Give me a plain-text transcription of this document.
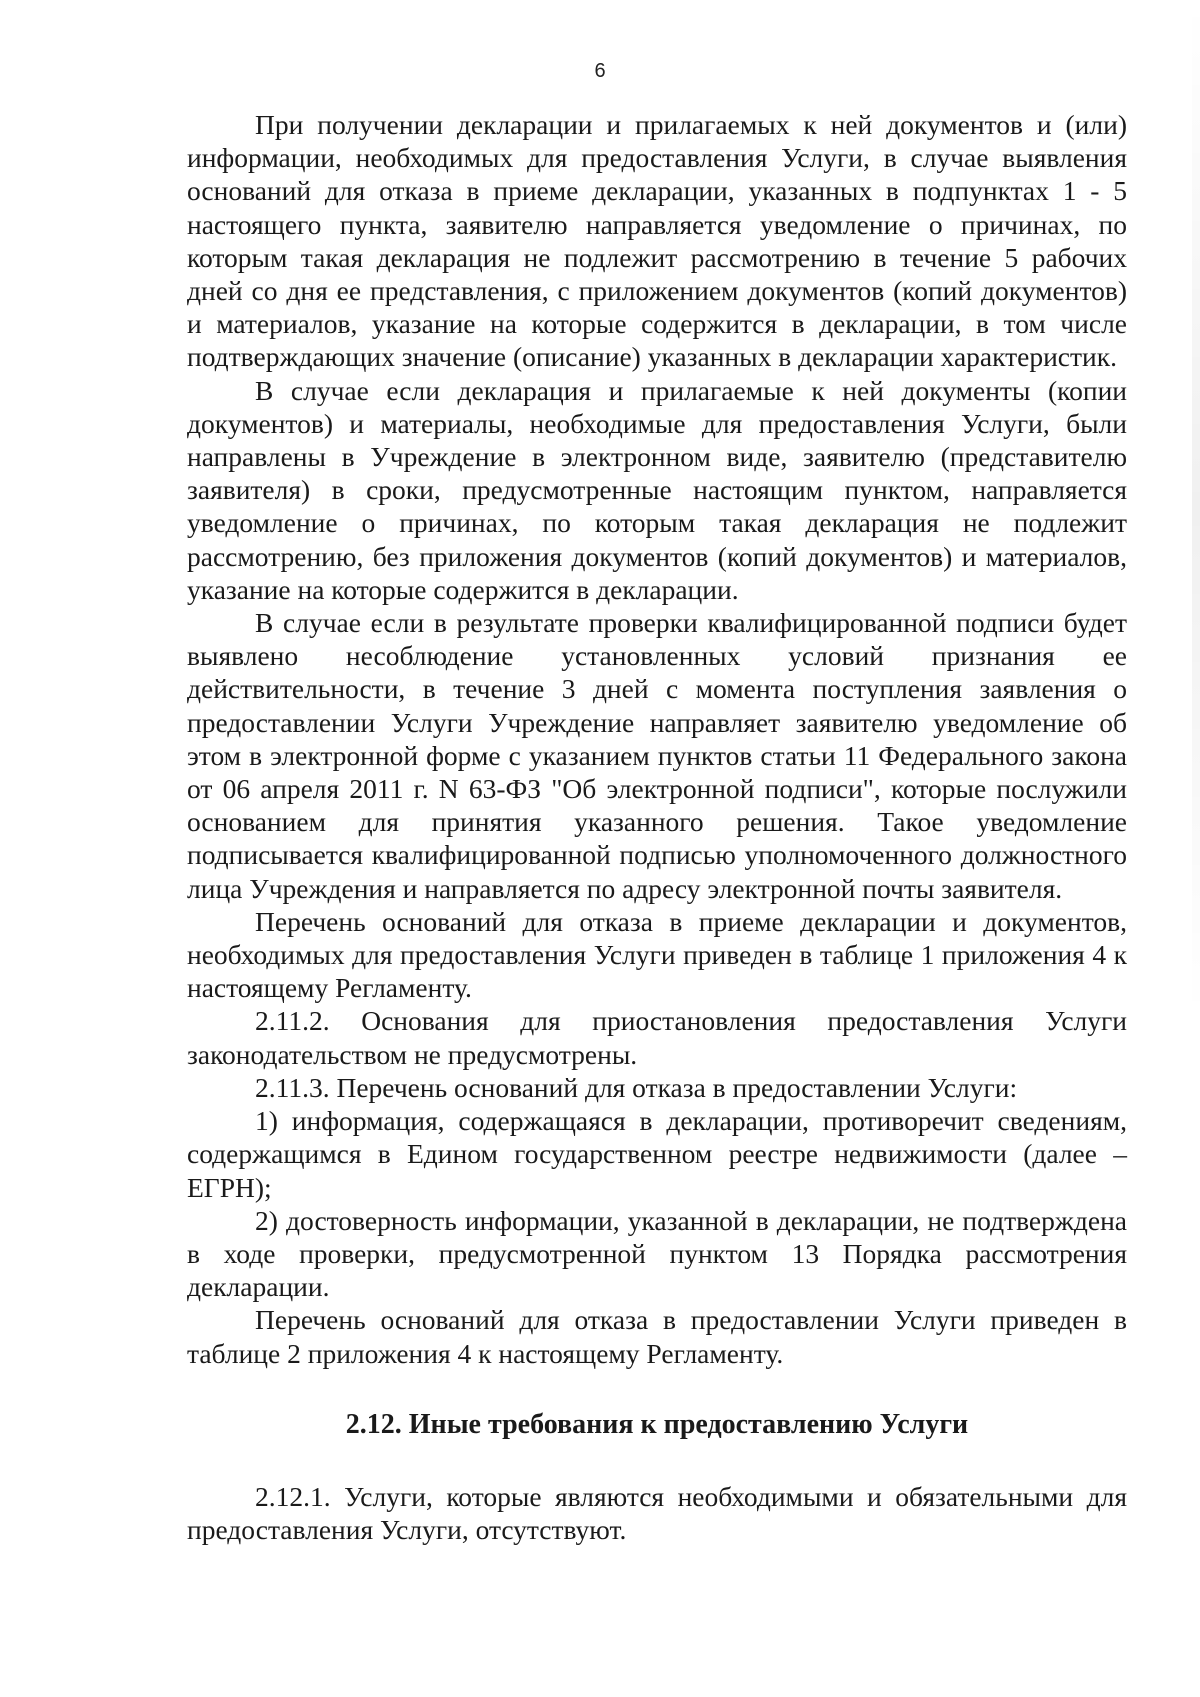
6

При получении декларации и прилагаемых к ней документов и (или) информации, необходимых для предоставления Услуги, в случае выявления оснований для отказа в приеме декларации, указанных в подпунктах 1 - 5 настоящего пункта, заявителю направляется уведомление о причинах, по которым такая декларация не подлежит рассмотрению в течение 5 рабочих дней со дня ее представления, с приложением документов (копий документов) и материалов, указание на которые содержится в декларации, в том числе подтверждающих значение (описание) указанных в декларации характеристик.

В случае если декларация и прилагаемые к ней документы (копии документов) и материалы, необходимые для предоставления Услуги, были направлены в Учреждение в электронном виде, заявителю (представителю заявителя) в сроки, предусмотренные настоящим пунктом, направляется уведомление о причинах, по которым такая декларация не подлежит рассмотрению, без приложения документов (копий документов) и материалов, указание на которые содержится в декларации.

В случае если в результате проверки квалифицированной подписи будет выявлено несоблюдение установленных условий признания ее действительности, в течение 3 дней с момента поступления заявления о предоставлении Услуги Учреждение направляет заявителю уведомление об этом в электронной форме с указанием пунктов статьи 11 Федерального закона от 06 апреля 2011 г. N 63-ФЗ "Об электронной подписи", которые послужили основанием для принятия указанного решения. Такое уведомление подписывается квалифицированной подписью уполномоченного должностного лица Учреждения и направляется по адресу электронной почты заявителя.

Перечень оснований для отказа в приеме декларации и документов, необходимых для предоставления Услуги приведен в таблице 1 приложения 4 к настоящему Регламенту.

2.11.2. Основания для приостановления предоставления Услуги законодательством не предусмотрены.

2.11.3. Перечень оснований для отказа в предоставлении Услуги:

1) информация, содержащаяся в декларации, противоречит сведениям, содержащимся в Едином государственном реестре недвижимости (далее – ЕГРН);

2) достоверность информации, указанной в декларации, не подтверждена в ходе проверки, предусмотренной пунктом 13 Порядка рассмотрения декларации.

Перечень оснований для отказа в предоставлении Услуги приведен в таблице 2 приложения 4 к настоящему Регламенту.

2.12. Иные требования к предоставлению Услуги

2.12.1. Услуги, которые являются необходимыми и обязательными для предоставления Услуги, отсутствуют.
